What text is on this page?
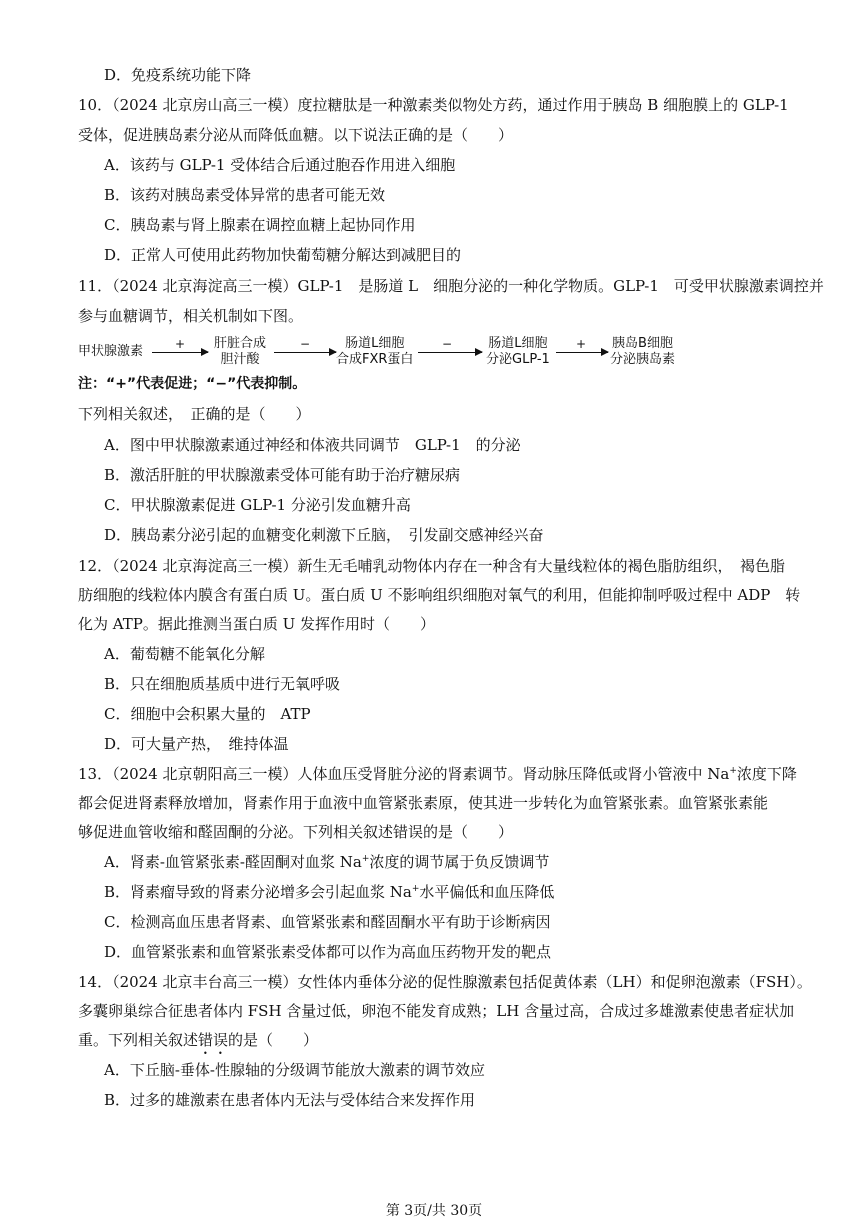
D．免疫系统功能下降
10．（2024 北京房山高三一模）度拉糖肽是一种激素类似物处方药，通过作用于胰岛 B 细胞膜上的 GLP-1
受体，促进胰岛素分泌从而降低血糖。以下说法正确的是（　　）
A．该药与 GLP-1 受体结合后通过胞吞作用进入细胞
B．该药对胰岛素受体异常的患者可能无效
C．胰岛素与肾上腺素在调控血糖上起协同作用
D．正常人可使用此药物加快葡萄糖分解达到减肥目的
11．（2024 北京海淀高三一模）GLP-1　是肠道 L　细胞分泌的一种化学物质。GLP-1　可受甲状腺激素调控并
参与血糖调节，相关机制如下图。
甲状腺激素	+ 肝脏合成
胆汁酸
−	肠道L细胞
合成FXR蛋白
−	肠道L细胞
分泌GLP-1
+ 胰岛B细胞
分泌胰岛素
注：“+”代表促进；“−”代表抑制。
下列相关叙述，　正确的是（　　）
A．图中甲状腺激素通过神经和体液共同调节　GLP-1　的分泌
B．激活肝脏的甲状腺激素受体可能有助于治疗糖尿病
C．甲状腺激素促进 GLP-1 分泌引发血糖升高
D．胰岛素分泌引起的血糖变化刺激下丘脑，　引发副交感神经兴奋
12．（2024 北京海淀高三一模）新生无毛哺乳动物体内存在一种含有大量线粒体的褐色脂肪组织，　褐色脂
肪细胞的线粒体内膜含有蛋白质 U。蛋白质 U 不影响组织细胞对氧气的利用，但能抑制呼吸过程中 ADP　转
化为 ATP。据此推测当蛋白质 U 发挥作用时（　　）
A．葡萄糖不能氧化分解
B．只在细胞质基质中进行无氧呼吸
C．细胞中会积累大量的　ATP
D．可大量产热，　维持体温
13．（2024 北京朝阳高三一模）人体血压受肾脏分泌的肾素调节。肾动脉压降低或肾小管液中 Na+浓度下降
都会促进肾素释放增加，肾素作用于血液中血管紧张素原，使其进一步转化为血管紧张素。血管紧张素能
够促进血管收缩和醛固酮的分泌。下列相关叙述错误的是（　　）
A．肾素-血管紧张素-醛固酮对血浆 Na+浓度的调节属于负反馈调节
B．肾素瘤导致的肾素分泌增多会引起血浆 Na+水平偏低和血压降低
C．检测高血压患者肾素、血管紧张素和醛固酮水平有助于诊断病因
D．血管紧张素和血管紧张素受体都可以作为高血压药物开发的靶点
14．（2024 北京丰台高三一模）女性体内垂体分泌的促性腺激素包括促黄体素（LH）和促卵泡激素（FSH）。
多囊卵巢综合征患者体内 FSH 含量过低，卵泡不能发育成熟；LH 含量过高，合成过多雄激素使患者症状加
重。下列相关叙述错误的是（　　）
A．下丘脑-垂体-性腺轴的分级调节能放大激素的调节效应
B．过多的雄激素在患者体内无法与受体结合来发挥作用
第 3页/共 30页
